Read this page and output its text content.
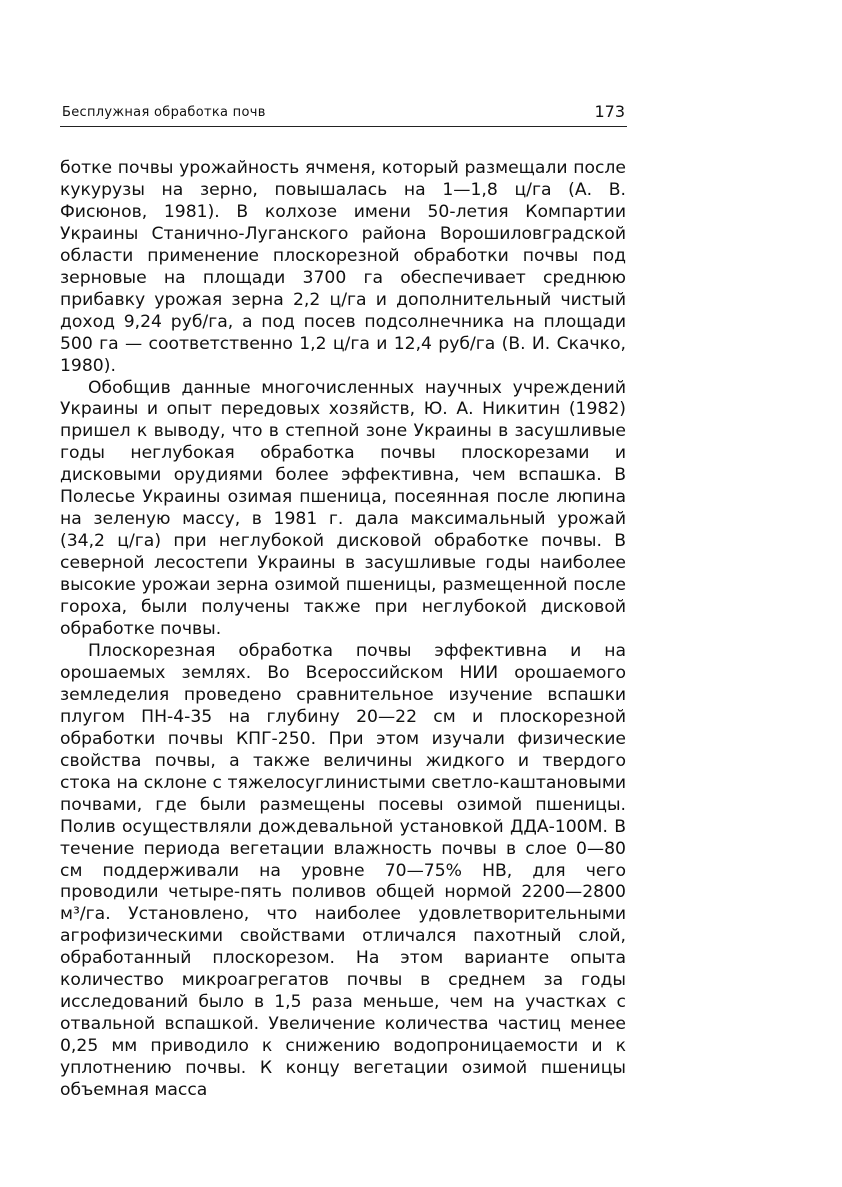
Бесплужная обработка почв	173

ботке почвы урожайность ячменя, который размещали после кукурузы на зерно, повышалась на 1—1,8 ц/га (А. В. Фисюнов, 1981). В колхозе имени 50-летия Компартии Украины Станично-Луганского района Ворошиловградской области применение плоскорезной обработки почвы под зерновые на площади 3700 га обеспечивает среднюю прибавку урожая зерна 2,2 ц/га и дополнительный чистый доход 9,24 руб/га, а под посев подсолнечника на площади 500 га — соответственно 1,2 ц/га и 12,4 руб/га (В. И. Скачко, 1980).

Обобщив данные многочисленных научных учреждений Украины и опыт передовых хозяйств, Ю. А. Никитин (1982) пришел к выводу, что в степной зоне Украины в засушливые годы неглубокая обработка почвы плоскорезами и дисковыми орудиями более эффективна, чем вспашка. В Полесье Украины озимая пшеница, посеянная после люпина на зеленую массу, в 1981 г. дала максимальный урожай (34,2 ц/га) при неглубокой дисковой обработке почвы. В северной лесостепи Украины в засушливые годы наиболее высокие урожаи зерна озимой пшеницы, размещенной после гороха, были получены также при неглубокой дисковой обработке почвы.

Плоскорезная обработка почвы эффективна и на орошаемых землях. Во Всероссийском НИИ орошаемого земледелия проведено сравнительное изучение вспашки плугом ПН-4-35 на глубину 20—22 см и плоскорезной обработки почвы КПГ-250. При этом изучали физические свойства почвы, а также величины жидкого и твердого стока на склоне с тяжелосуглинистыми светло-каштановыми почвами, где были размещены посевы озимой пшеницы. Полив осуществляли дождевальной установкой ДДА-100М. В течение периода вегетации влажность почвы в слое 0—80 см поддерживали на уровне 70—75% НВ, для чего проводили четыре-пять поливов общей нормой 2200—2800 м³/га. Установлено, что наиболее удовлетворительными агрофизическими свойствами отличался пахотный слой, обработанный плоскорезом. На этом варианте опыта количество микроагрегатов почвы в среднем за годы исследований было в 1,5 раза меньше, чем на участках с отвальной вспашкой. Увеличение количества частиц менее 0,25 мм приводило к снижению водопроницаемости и к уплотнению почвы. К концу вегетации озимой пшеницы объемная масса
